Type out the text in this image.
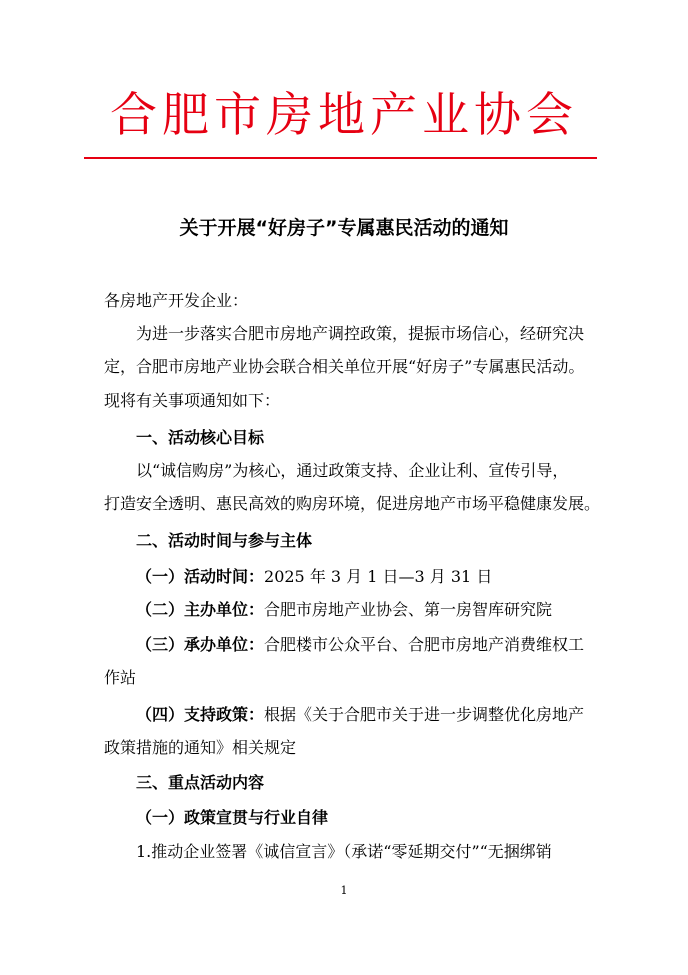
合肥市房地产业协会
关于开展“好房子”专属惠民活动的通知
各房地产开发企业：
为进一步落实合肥市房地产调控政策，提振市场信心，经研究决
定，合肥市房地产业协会联合相关单位开展“好房子”专属惠民活动。
现将有关事项通知如下：
一、活动核心目标
以“诚信购房”为核心，通过政策支持、企业让利、宣传引导，
打造安全透明、惠民高效的购房环境，促进房地产市场平稳健康发展。
二、活动时间与参与主体
（一）活动时间：2025 年 3 月 1 日—3 月 31 日
（二）主办单位：合肥市房地产业协会、第一房智库研究院
（三）承办单位：合肥楼市公众平台、合肥市房地产消费维权工
作站
（四）支持政策：根据《关于合肥市关于进一步调整优化房地产
政策措施的通知》相关规定
三、重点活动内容
（一）政策宣贯与行业自律
1.推动企业签署《诚信宣言》（承诺“零延期交付”“无捆绑销
1
